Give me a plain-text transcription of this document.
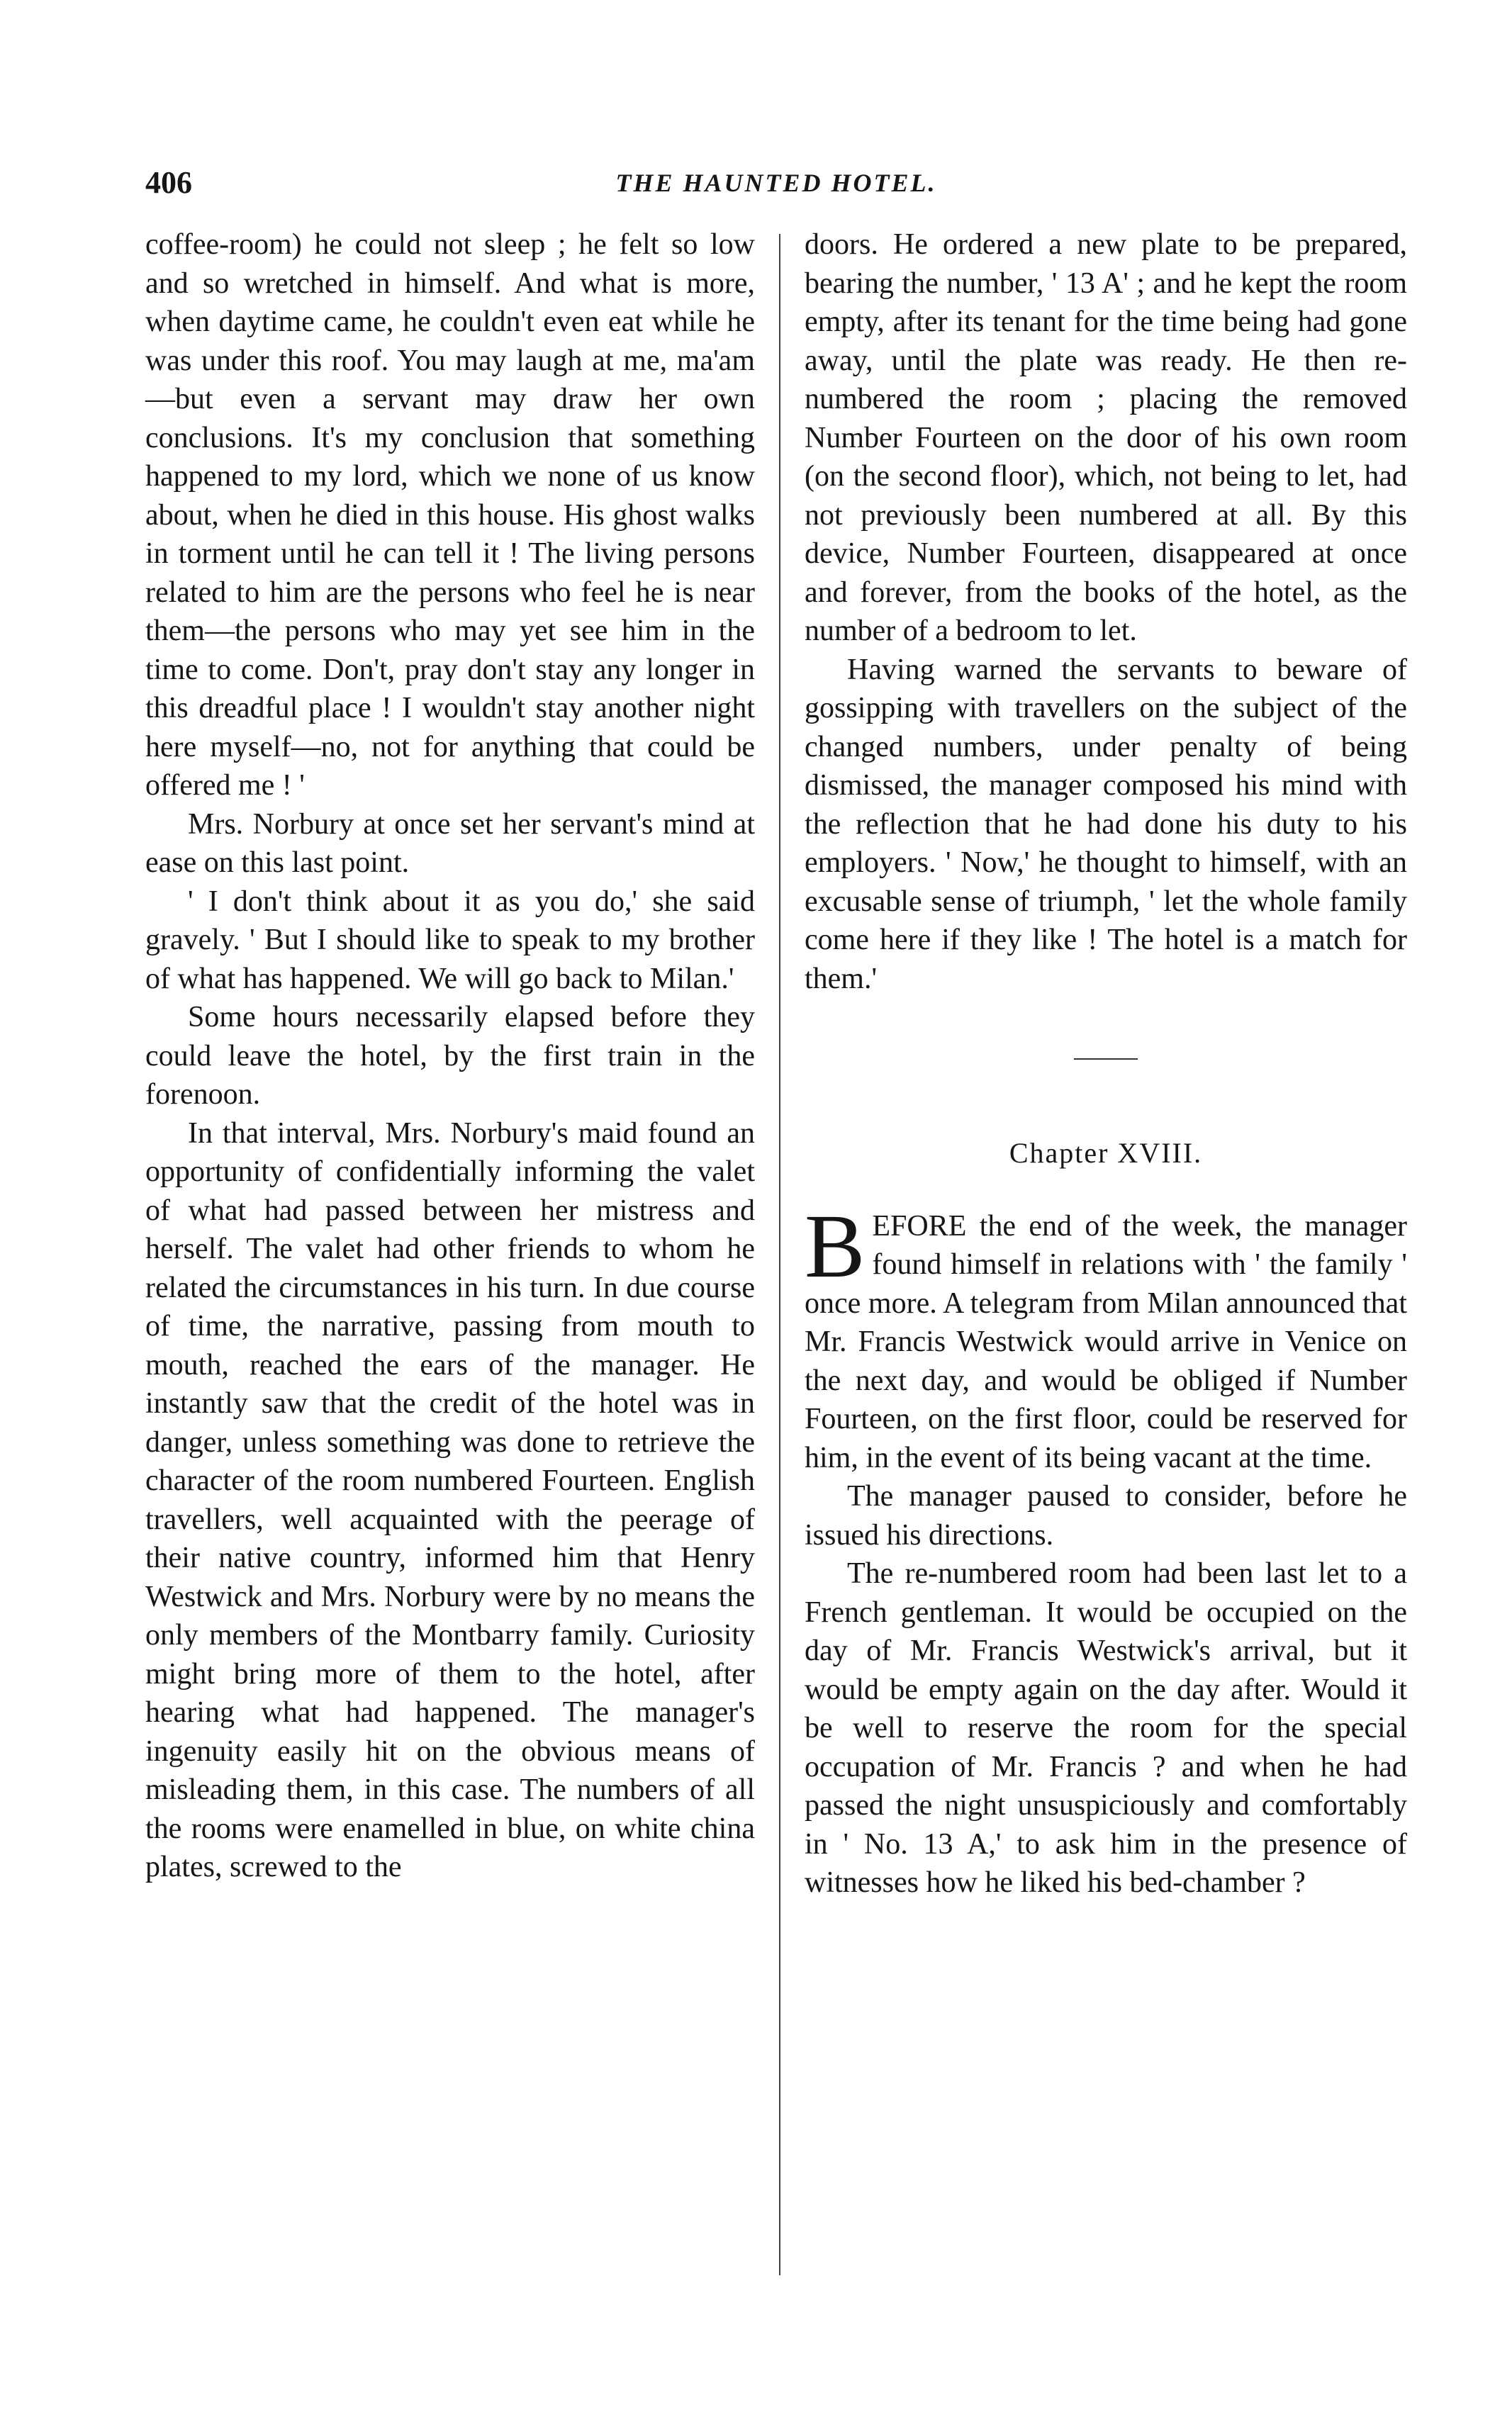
406	THE HAUNTED HOTEL.

coffee-room) he could not sleep ; he felt so low and so wretched in himself. And what is more, when daytime came, he couldn't even eat while he was under this roof. You may laugh at me, ma'am —but even a servant may draw her own conclusions. It's my conclusion that something happened to my lord, which we none of us know about, when he died in this house. His ghost walks in torment until he can tell it ! The living persons related to him are the persons who feel he is near them—the persons who may yet see him in the time to come. Don't, pray don't stay any longer in this dreadful place ! I wouldn't stay another night here myself—no, not for anything that could be offered me ! '

Mrs. Norbury at once set her servant's mind at ease on this last point.

' I don't think about it as you do,' she said gravely. ' But I should like to speak to my brother of what has happened. We will go back to Milan.'

Some hours necessarily elapsed before they could leave the hotel, by the first train in the forenoon.

In that interval, Mrs. Norbury's maid found an opportunity of confidentially informing the valet of what had passed between her mistress and herself. The valet had other friends to whom he related the circumstances in his turn. In due course of time, the narrative, passing from mouth to mouth, reached the ears of the manager. He instantly saw that the credit of the hotel was in danger, unless something was done to retrieve the character of the room numbered Fourteen. English travellers, well acquainted with the peerage of their native country, informed him that Henry Westwick and Mrs. Norbury were by no means the only members of the Montbarry family. Curiosity might bring more of them to the hotel, after hearing what had happened. The manager's ingenuity easily hit on the obvious means of misleading them, in this case. The numbers of all the rooms were enamelled in blue, on white china plates, screwed to the

doors. He ordered a new plate to be prepared, bearing the number, ' 13 A' ; and he kept the room empty, after its tenant for the time being had gone away, until the plate was ready. He then re-numbered the room ; placing the removed Number Fourteen on the door of his own room (on the second floor), which, not being to let, had not previously been numbered at all. By this device, Number Fourteen, disappeared at once and forever, from the books of the hotel, as the number of a bedroom to let.

Having warned the servants to beware of gossipping with travellers on the subject of the changed numbers, under penalty of being dismissed, the manager composed his mind with the reflection that he had done his duty to his employers. ' Now,' he thought to himself, with an excusable sense of triumph, ' let the whole family come here if they like ! The hotel is a match for them.'

Chapter XVIII.

BEFORE the end of the week, the manager found himself in relations with ' the family ' once more. A telegram from Milan announced that Mr. Francis Westwick would arrive in Venice on the next day, and would be obliged if Number Fourteen, on the first floor, could be reserved for him, in the event of its being vacant at the time.

The manager paused to consider, before he issued his directions.

The re-numbered room had been last let to a French gentleman. It would be occupied on the day of Mr. Francis Westwick's arrival, but it would be empty again on the day after. Would it be well to reserve the room for the special occupation of Mr. Francis ? and when he had passed the night unsuspiciously and comfortably in ' No. 13 A,' to ask him in the presence of witnesses how he liked his bed-chamber ?
